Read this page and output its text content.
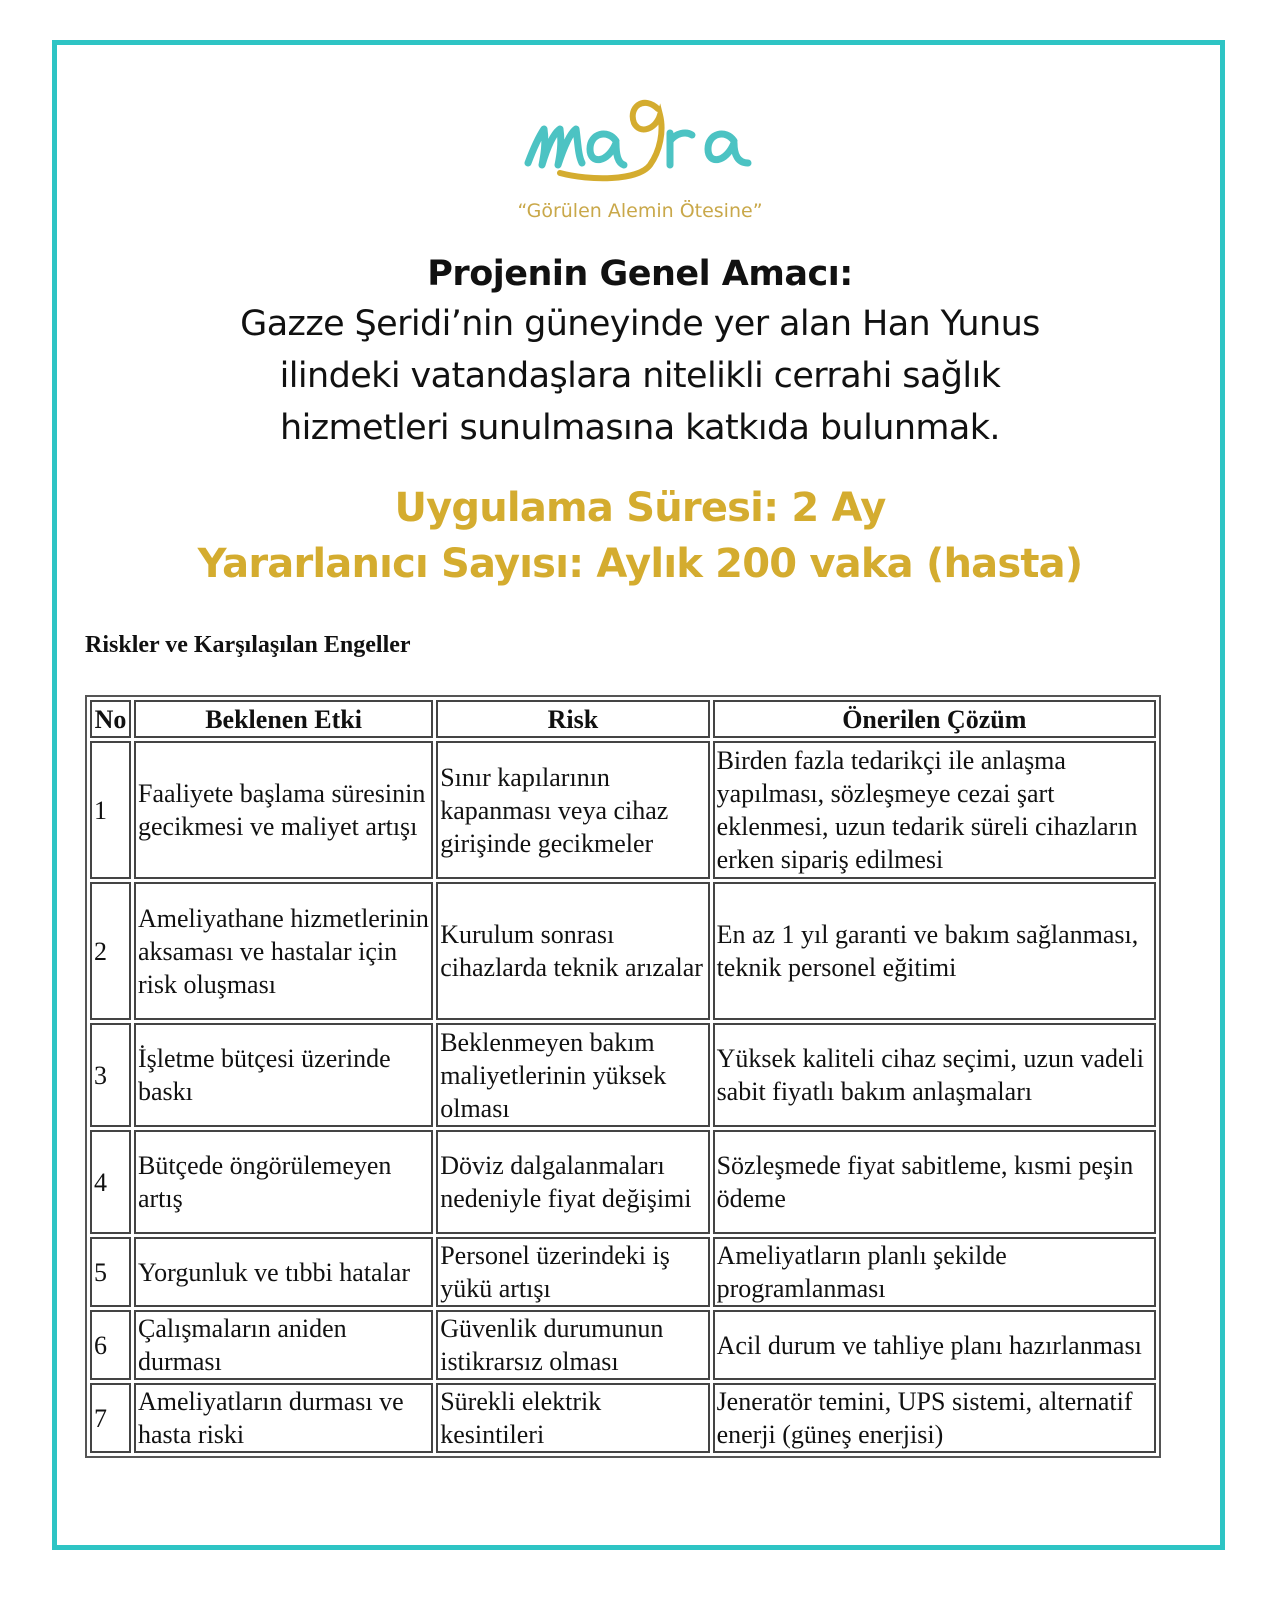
“Görülen Alemin Ötesine”
Projenin Genel Amacı:
Gazze Şeridi’nin güneyinde yer alan Han Yunus
ilindeki vatandaşlara nitelikli cerrahi sağlık
hizmetleri sunulmasına katkıda bulunmak.
Uygulama Süresi: 2 Ay
Yararlanıcı Sayısı: Aylık 200 vaka (hasta)
Riskler ve Karşılaşılan Engeller
No	Beklenen Etki	Risk	Önerilen Çözüm
1	Faaliyete başlama süresinin gecikmesi ve maliyet artışı	Sınır kapılarının kapanması veya cihaz girişinde gecikmeler	Birden fazla tedarikçi ile anlaşma yapılması, sözleşmeye cezai şart eklenmesi, uzun tedarik süreli cihazların erken sipariş edilmesi
2	Ameliyathane hizmetlerinin aksaması ve hastalar için risk oluşması	Kurulum sonrası cihazlarda teknik arızalar	En az 1 yıl garanti ve bakım sağlanması, teknik personel eğitimi
3	İşletme bütçesi üzerinde baskı	Beklenmeyen bakım maliyetlerinin yüksek olması	Yüksek kaliteli cihaz seçimi, uzun vadeli sabit fiyatlı bakım anlaşmaları
4	Bütçede öngörülemeyen artış	Döviz dalgalanmaları nedeniyle fiyat değişimi	Sözleşmede fiyat sabitleme, kısmi peşin ödeme
5	Yorgunluk ve tıbbi hatalar	Personel üzerindeki iş yükü artışı	Ameliyatların planlı şekilde programlanması
6	Çalışmaların aniden durması	Güvenlik durumunun istikrarsız olması	Acil durum ve tahliye planı hazırlanması
7	Ameliyatların durması ve hasta riski	Sürekli elektrik kesintileri	Jeneratör temini, UPS sistemi, alternatif enerji (güneş enerjisi)
